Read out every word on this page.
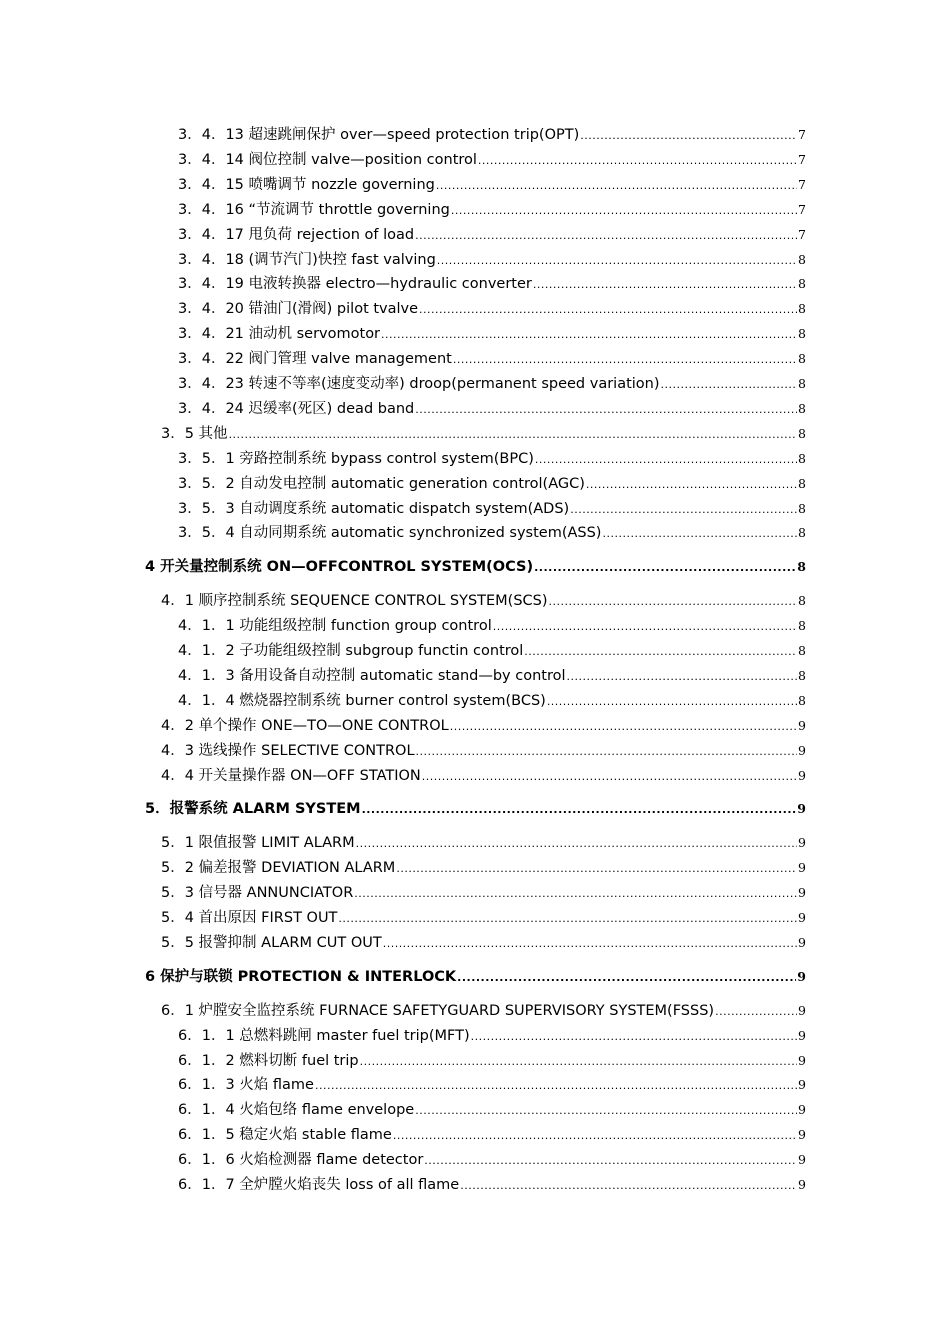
3．4．13 超速跳闸保护 over—speed protection trip(OPT) .....	7
3．4．14 阀位控制 valve—position control .....	7
3．4．15 喷嘴调节 nozzle governing .....	7
3．4．16 “节流调节 throttle governing .....	7
3．4．17 甩负荷 rejection of load .....	7
3．4．18 (调节汽门)快控 fast valving .....	8
3．4．19 电液转换器 electro—hydraulic converter .....	8
3．4．20 错油门(滑阀) pilot tvalve .....	8
3．4．21 油动机 servomotor .....	8
3．4．22 阀门管理 valve management .....	8
3．4．23 转速不等率(速度变动率) droop(permanent speed variation) .....	8
3．4．24 迟缓率(死区) dead band .....	8
3．5 其他 .....	8
3．5．1 旁路控制系统 bypass control system(BPC) .....	8
3．5．2 自动发电控制 automatic generation control(AGC) .....	8
3．5．3 自动调度系统 automatic dispatch system(ADS) .....	8
3．5．4 自动同期系统 automatic synchronized system(ASS) .....	8
4 开关量控制系统 ON—OFFCONTROL SYSTEM(OCS) .....	8
4．1 顺序控制系统 SEQUENCE CONTROL SYSTEM(SCS) .....	8
4．1．1 功能组级控制 function group control .....	8
4．1．2 子功能组级控制 subgroup functin control .....	8
4．1．3 备用设备自动控制 automatic stand—by control .....	8
4．1．4 燃烧器控制系统 burner control system(BCS) .....	8
4．2 单个操作 ONE—TO—ONE CONTROL .....	9
4．3 选线操作 SELECTIVE CONTROL .....	9
4．4 开关量操作器 ON—OFF STATION .....	9
5．报警系统 ALARM SYSTEM .....	9
5．1 限值报警 LIMIT ALARM .....	9
5．2 偏差报警 DEVIATION ALARM .....	9
5．3 信号器 ANNUNCIATOR .....	9
5．4 首出原因 FIRST OUT .....	9
5．5 报警抑制 ALARM CUT OUT .....	9
6 保护与联锁 PROTECTION & INTERLOCK .....	9
6．1 炉膛安全监控系统 FURNACE SAFETYGUARD SUPERVISORY SYSTEM(FSSS) .....	9
6．1．1 总燃料跳闸 master fuel trip(MFT) .....	9
6．1．2 燃料切断 fuel trip .....	9
6．1．3 火焰 flame .....	9
6．1．4 火焰包络 flame envelope .....	9
6．1．5 稳定火焰 stable flame .....	9
6．1．6 火焰检测器 flame detector .....	9
6．1．7 全炉膛火焰丧失 loss of all flame .....	9
